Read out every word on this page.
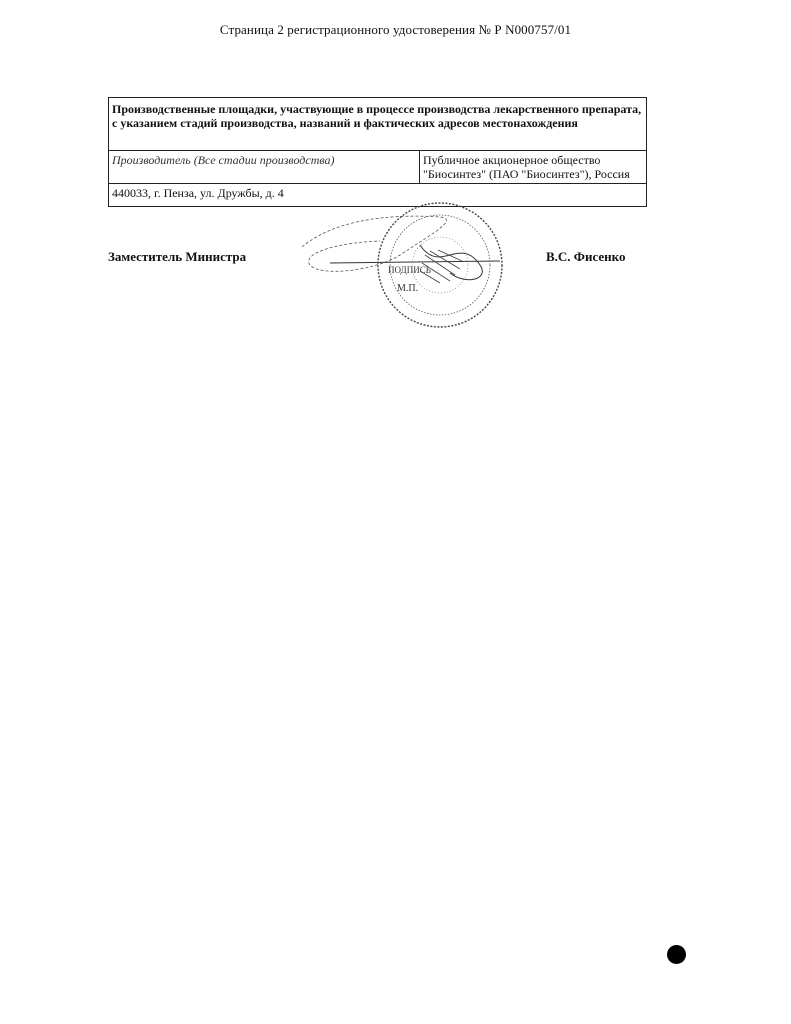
Страница 2 регистрационного удостоверения № Р N000757/01
Производственные площадки, участвующие в процессе производства лекарственного препарата, с указанием стадий производства, названий и фактических адресов местонахождения
Производитель (Все стадии производства)	Публичное акционерное общество "Биосинтез" (ПАО "Биосинтез"), Россия
440033, г. Пенза, ул. Дружбы, д. 4
Заместитель Министра
ПОДПИСЬ
М.П.
В.С. Фисенко
